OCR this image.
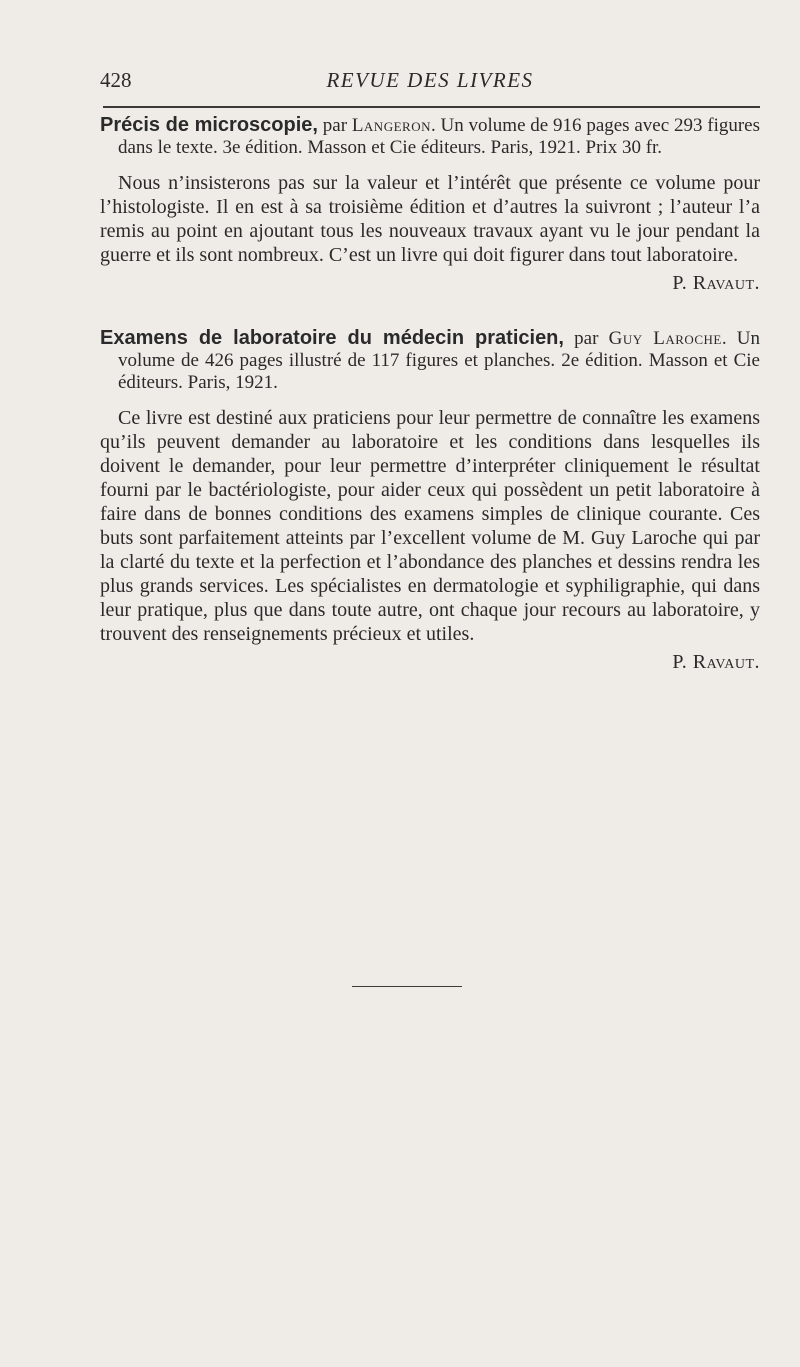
428	REVUE DES LIVRES

Précis de microscopie, par Langeron. Un volume de 916 pages avec 293 figures dans le texte. 3e édition. Masson et Cie éditeurs. Paris, 1921. Prix 30 fr.

Nous n’insisterons pas sur la valeur et l’intérêt que présente ce volume pour l’histologiste. Il en est à sa troisième édition et d’autres la suivront ; l’auteur l’a remis au point en ajoutant tous les nouveaux travaux ayant vu le jour pendant la guerre et ils sont nombreux. C’est un livre qui doit figurer dans tout laboratoire.

P. Ravaut.

Examens de laboratoire du médecin praticien, par Guy Laroche. Un volume de 426 pages illustré de 117 figures et planches. 2e édition. Masson et Cie éditeurs. Paris, 1921.

Ce livre est destiné aux praticiens pour leur permettre de connaître les examens qu’ils peuvent demander au laboratoire et les conditions dans lesquelles ils doivent le demander, pour leur permettre d’interpréter cliniquement le résultat fourni par le bactériologiste, pour aider ceux qui possèdent un petit laboratoire à faire dans de bonnes conditions des examens simples de clinique courante. Ces buts sont parfaitement atteints par l’excellent volume de M. Guy Laroche qui par la clarté du texte et la perfection et l’abondance des planches et dessins rendra les plus grands services. Les spécialistes en dermatologie et syphiligraphie, qui dans leur pratique, plus que dans toute autre, ont chaque jour recours au laboratoire, y trouvent des renseignements précieux et utiles.

P. Ravaut.
